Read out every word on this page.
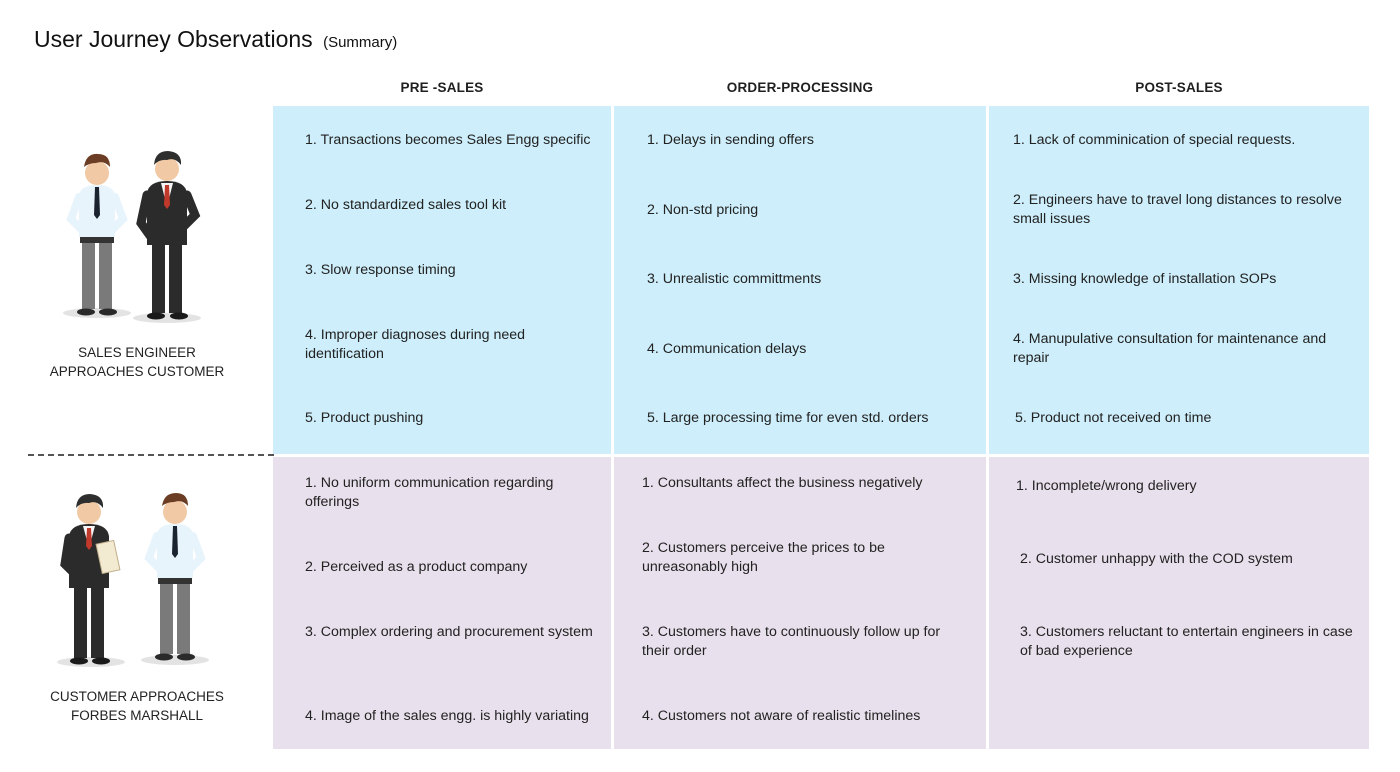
User Journey Observations (Summary)
PRE -SALES	ORDER-PROCESSING	POST-SALES
1. Transactions becomes Sales Engg specific
2. No standardized sales tool kit
3. Slow response timing
4. Improper diagnoses during need identification
5. Product pushing
1. Delays in sending offers
2. Non-std pricing
3. Unrealistic committments
4. Communication delays
5. Large processing time for even std. orders
1. Lack of comminication of special requests.
2. Engineers have to travel long distances to resolve small issues
3. Missing knowledge of installation SOPs
4. Manupulative consultation for maintenance and repair
5. Product not received on time
1. No uniform communication regarding offerings
2. Perceived as a product company
3. Complex ordering and procurement system
4. Image of the sales engg. is highly variating
1. Consultants affect the business negatively
2. Customers perceive the prices to be unreasonably high
3. Customers have to continuously follow up for their order
4. Customers not aware of realistic timelines
1. Incomplete/wrong delivery
2. Customer unhappy with the COD system
3. Customers reluctant to entertain engineers in case of bad experience
SALES ENGINEER APPROACHES CUSTOMER
CUSTOMER APPROACHES FORBES MARSHALL
